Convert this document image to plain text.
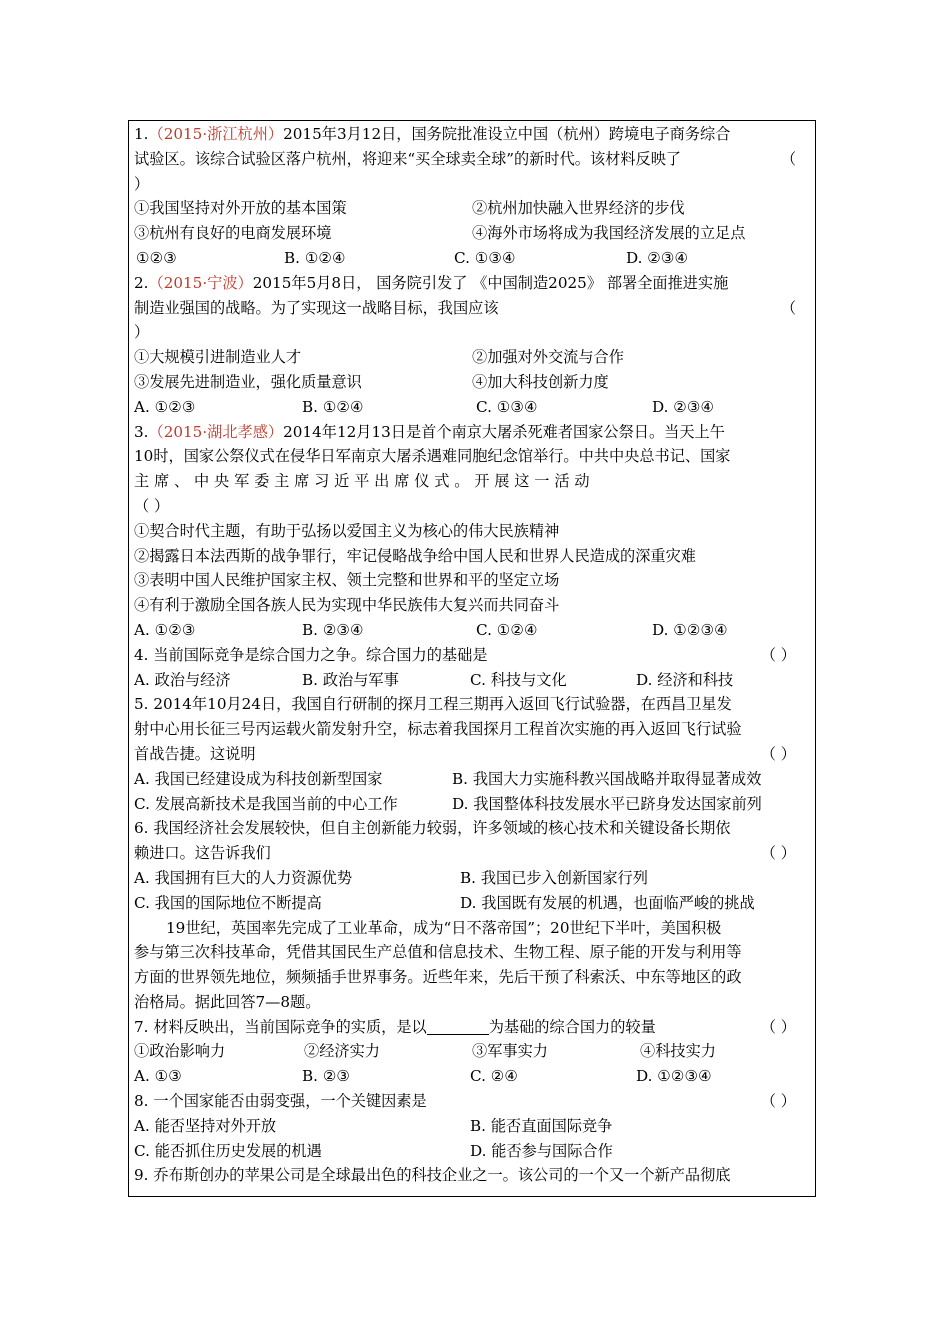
1.（2015·浙江杭州）2015年3月12日，国务院批准设立中国（杭州）跨境电子商务综合
试验区。该综合试验区落户杭州，将迎来“买全球卖全球”的新时代。该材料反映了	（
）
①我国坚持对外开放的基本国策	②杭州加快融入世界经济的步伐
③杭州有良好的电商发展环境	④海外市场将成为我国经济发展的立足点
①②③	B. ①②④	C. ①③④	D. ②③④
2.（2015·宁波）2015年5月8日， 国务院引发了 《中国制造2025》 部署全面推进实施
制造业强国的战略。为了实现这一战略目标，我国应该	（
）
①大规模引进制造业人才	②加强对外交流与合作
③发展先进制造业，强化质量意识	④加大科技创新力度
A. ①②③	B. ①②④	C. ①③④	D. ②③④
3.（2015·湖北孝感）2014年12月13日是首个南京大屠杀死难者国家公祭日。当天上午
10时，国家公祭仪式在侵华日军南京大屠杀遇难同胞纪念馆举行。中共中央总书记、国家
主 席 、 中 央 军 委 主 席 习 近 平 出 席 仪 式 。 开 展 这 一 活 动
（ ）
①契合时代主题，有助于弘扬以爱国主义为核心的伟大民族精神
②揭露日本法西斯的战争罪行，牢记侵略战争给中国人民和世界人民造成的深重灾难
③表明中国人民维护国家主权、领土完整和世界和平的坚定立场
④有利于激励全国各族人民为实现中华民族伟大复兴而共同奋斗
A. ①②③	B. ②③④	C. ①②④	D. ①②③④
4. 当前国际竞争是综合国力之争。综合国力的基础是	（ ）
A. 政治与经济	B. 政治与军事	C. 科技与文化	D. 经济和科技
5. 2014年10月24日，我国自行研制的探月工程三期再入返回飞行试验器，在西昌卫星发
射中心用长征三号丙运载火箭发射升空，标志着我国探月工程首次实施的再入返回飞行试验
首战告捷。这说明	（ ）
A. 我国已经建设成为科技创新型国家	B. 我国大力实施科教兴国战略并取得显著成效
C. 发展高新技术是我国当前的中心工作	D. 我国整体科技发展水平已跻身发达国家前列
6. 我国经济社会发展较快，但自主创新能力较弱，许多领域的核心技术和关键设备长期依
赖进口。这告诉我们	（ ）
A. 我国拥有巨大的人力资源优势	B. 我国已步入创新国家行列
C. 我国的国际地位不断提高	D. 我国既有发展的机遇，也面临严峻的挑战
19世纪，英国率先完成了工业革命，成为“日不落帝国”；20世纪下半叶，美国积极
参与第三次科技革命，凭借其国民生产总值和信息技术、生物工程、原子能的开发与利用等
方面的世界领先地位，频频插手世界事务。近些年来，先后干预了科索沃、中东等地区的政
治格局。据此回答7—8题。
7. 材料反映出，当前国际竞争的实质，是以	为基础的综合国力的较量	（ ）
①政治影响力	②经济实力	③军事实力	④科技实力
A. ①③	B. ②③	C. ②④	D. ①②③④
8. 一个国家能否由弱变强，一个关键因素是	（ ）
A. 能否坚持对外开放	B. 能否直面国际竞争
C. 能否抓住历史发展的机遇	D. 能否参与国际合作
9. 乔布斯创办的苹果公司是全球最出色的科技企业之一。该公司的一个又一个新产品彻底
